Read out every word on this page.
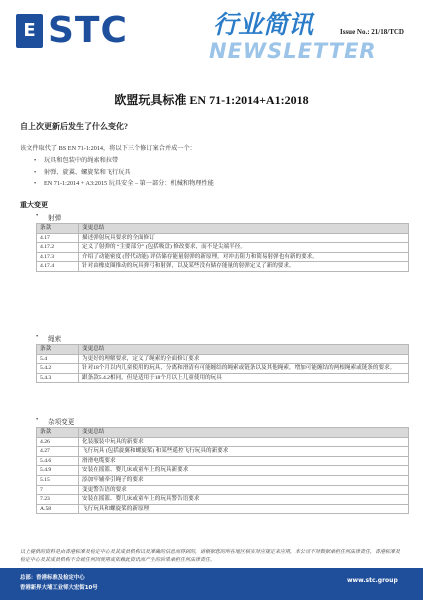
E STC	行业简讯
NEWSLETTER
Issue No.: 21/18/TCD
欧盟玩具标准 EN 71-1:2014+A1:2018
自上次更新后发生了什么变化?
该文件取代了 BS EN 71-1:2014，将以下三个修订案合并成一个：
• 玩具和包装中的绳索和拉带
• 射弹、旋翼、螺旋桨和飞行玩具
• EN 71-1:2014 + A3:2015 玩具安全 – 第一部分：机械和物理性能
重大变更
• 射弹
条款	变更总结
4.17	描述弹射玩具要求的全面修订
4.17.2	定义了射弹的 “主要部分” (包括吸盘) 修改要求，而不是尖端半径。
4.17.3	介绍了动能密度 (替代动能) 评估储存能量射弹的新原理，对冲击阻力和简易射弹也有新的要求。
4.17.4	针对由橡皮圈推动的玩具弹弓和射弹，以及某些没有储存能量的射弹定义了新的要求。
• 绳索
条款	变更总结
5.4	为更好的理解要求，定义了绳索的全面修订要求
5.4.2	针对18个月以内儿童使用的玩具，分离和滑清有可能缠结的绳索或链条以及其他绳索。增加可能缠结的两根绳索或链条的要求。
5.4.3	跟条款5.4.2相同，但是适用于18个月以上儿童使用的玩具
• 杂项变更
条款	变更总结
4.26	化装服装中玩具的新要求
4.27	飞行玩具 (包括旋翼和螺旋桨) 和某些遥控飞行玩具的新要求
5.4.6	滑滑电缆要求
5.4.9	安装在摇篮、婴儿床或童车上的玩具新要求
5.15	添加牢辅牵引绳子的要求
7	变更警告语的要求
7.23	安装在摇篮、婴儿床或童车上的玩具警告语要求
A.58	飞行玩具和螺旋桨的新原理
以上提供的资料是由香港标准及检定中心及其成员机构以及准确的信息而得到的，请根据您的所在地区核实对应规定来应用，本公司不对数据承担任何法律责任，香港标准及检定中心及其成员机构不会就任何因使用或依赖此资讯而产生的后果承担任何法律责任。
总部：香港标准及检定中心
香港新界大埔工业邨大宏街10号
www.stc.group
